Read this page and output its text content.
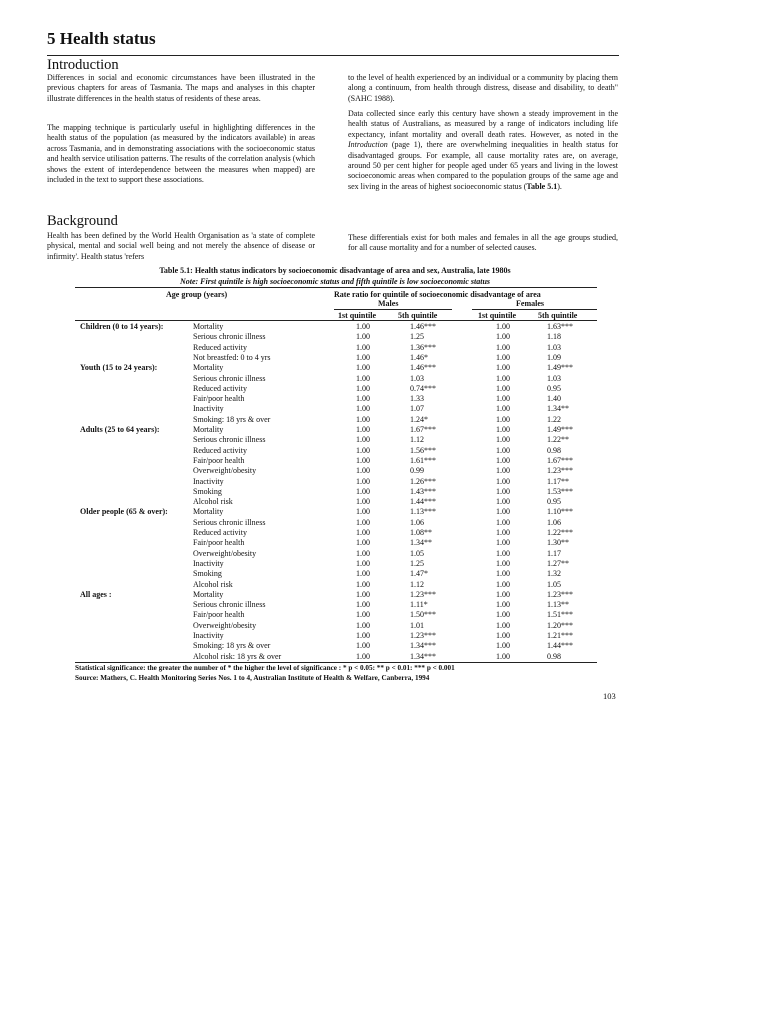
5 Health status
Introduction

Differences in social and economic circumstances have been illustrated in the previous chapters for areas of Tasmania. The maps and analyses in this chapter illustrate differences in the health status of residents of these areas.

The mapping technique is particularly useful in highlighting differences in the health status of the population (as measured by the indicators available) in areas across Tasmania, and in demonstrating associations with the socioeconomic status and health service utilisation patterns. The results of the correlation analysis (which shows the extent of interdependence between the measures when mapped) are included in the text to support these associations.

Background

Health has been defined by the World Health Organisation as 'a state of complete physical, mental and social well being and not merely the absence of disease or infirmity'. Health status 'refers

to the level of health experienced by an individual or a community by placing them along a continuum, from health through distress, disease and disability, to death" (SAHC 1988).

Data collected since early this century have shown a steady improvement in the health status of Australians, as measured by a range of indicators including life expectancy, infant mortality and overall death rates. However, as noted in the Introduction (page 1), there are overwhelming inequalities in health status for disadvantaged groups. For example, all cause mortality rates are, on average, around 50 per cent higher for people aged under 65 years and living in the lowest socioeconomic areas when compared to the population groups of the same age and sex living in the areas of highest socioeconomic status (Table 5.1).

These differentials exist for both males and females in all the age groups studied, for all cause mortality and for a number of selected causes.

Table 5.1: Health status indicators by socioeconomic disadvantage of area and sex, Australia, late 1980s

Note: First quintile is high socioeconomic status and fifth quintile is low socioeconomic status

Age group (years)	Rate ratio for quintile of socioeconomic disadvantage of area
Males	Females
1st quintile	5th quintile	1st quintile	5th quintile
Children (0 to 14 years):	Mortality	1.00	1.46***	1.00	1.63***
Serious chronic illness	1.00	1.25	1.00	1.18
Reduced activity	1.00	1.36***	1.00	1.03
Not breastfed: 0 to 4 yrs	1.00	1.46*	1.00	1.09
Youth (15 to 24 years):	Mortality	1.00	1.46***	1.00	1.49***
Serious chronic illness	1.00	1.03	1.00	1.03
Reduced activity	1.00	0.74***	1.00	0.95
Fair/poor health	1.00	1.33	1.00	1.40
Inactivity	1.00	1.07	1.00	1.34**
Smoking: 18 yrs & over	1.00	1.24*	1.00	1.22
Adults (25 to 64 years):	Mortality	1.00	1.67***	1.00	1.49***
Serious chronic illness	1.00	1.12	1.00	1.22**
Reduced activity	1.00	1.56***	1.00	0.98
Fair/poor health	1.00	1.61***	1.00	1.67***
Overweight/obesity	1.00	0.99	1.00	1.23***
Inactivity	1.00	1.26***	1.00	1.17**
Smoking	1.00	1.43***	1.00	1.53***
Alcohol risk	1.00	1.44***	1.00	0.95
Older people (65 & over):	Mortality	1.00	1.13***	1.00	1.10***
Serious chronic illness	1.00	1.06	1.00	1.06
Reduced activity	1.00	1.08**	1.00	1.22***
Fair/poor health	1.00	1.34**	1.00	1.30**
Overweight/obesity	1.00	1.05	1.00	1.17
Inactivity	1.00	1.25	1.00	1.27**
Smoking	1.00	1.47*	1.00	1.32
Alcohol risk	1.00	1.12	1.00	1.05
All ages :	Mortality	1.00	1.23***	1.00	1.23***
Serious chronic illness	1.00	1.11*	1.00	1.13**
Fair/poor health	1.00	1.50***	1.00	1.51***
Overweight/obesity	1.00	1.01	1.00	1.20***
Inactivity	1.00	1.23***	1.00	1.21***
Smoking: 18 yrs & over	1.00	1.34***	1.00	1.44***
Alcohol risk: 18 yrs & over	1.00	1.34***	1.00	0.98

Statistical significance: the greater the number of * the higher the level of significance : * p < 0.05: ** p < 0.01: *** p < 0.001

Source: Mathers, C. Health Monitoring Series Nos. 1 to 4, Australian Institute of Health & Welfare, Canberra, 1994

103
